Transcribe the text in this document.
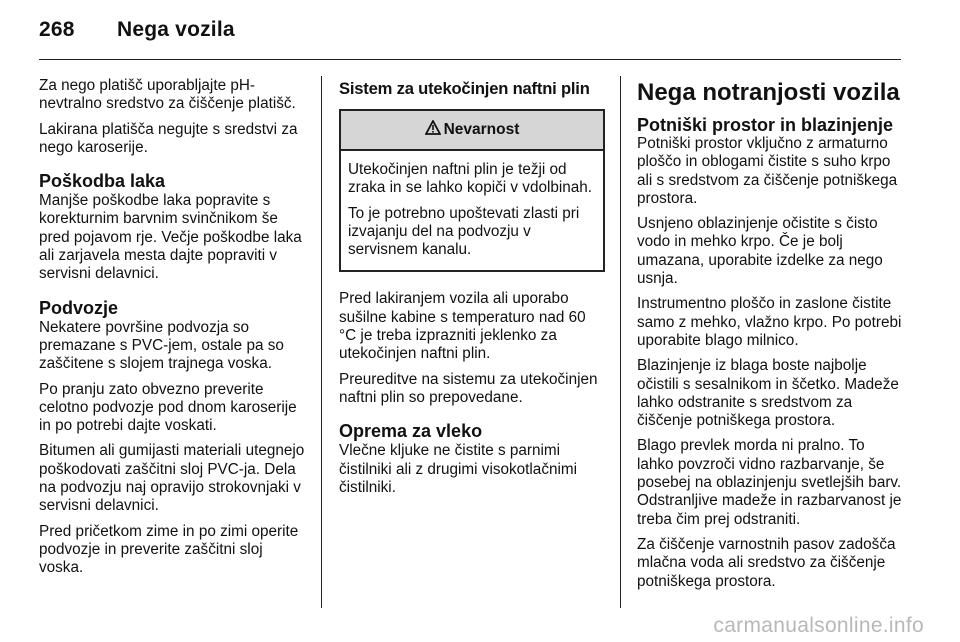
268 Nega vozila

Za nego platišč uporabljajte pH-nevtralno sredstvo za čiščenje platišč.

Lakirana platišča negujte s sredstvi za nego karoserije.

Poškodba laka

Manjše poškodbe laka popravite s korekturnim barvnim svinčnikom še pred pojavom rje. Večje poškodbe laka ali zarjavela mesta dajte popraviti v servisni delavnici.

Podvozje

Nekatere površine podvozja so premazane s PVC-jem, ostale pa so zaščitene s slojem trajnega voska.

Po pranju zato obvezno preverite celotno podvozje pod dnom karoserije in po potrebi dajte voskati.

Bitumen ali gumijasti materiali utegnejo poškodovati zaščitni sloj PVC-ja. Dela na podvozju naj opravijo strokovnjaki v servisni delavnici.

Pred pričetkom zime in po zimi operite podvozje in preverite zaščitni sloj voska.

Sistem za utekočinjen naftni plin
Nevarnost

Utekočinjen naftni plin je težji od zraka in se lahko kopiči v vdolbinah.

To je potrebno upoštevati zlasti pri izvajanju del na podvozju v servisnem kanalu.

Pred lakiranjem vozila ali uporabo sušilne kabine s temperaturo nad 60 °C je treba izprazniti jeklenko za utekočinjen naftni plin.

Preureditve na sistemu za utekočinjen naftni plin so prepovedane.

Oprema za vleko

Vlečne kljuke ne čistite s parnimi čistilniki ali z drugimi visokotlačnimi čistilniki.

Nega notranjosti vozila
Potniški prostor in blazinjenje

Potniški prostor vključno z armaturno ploščo in oblogami čistite s suho krpo ali s sredstvom za čiščenje potniškega prostora.

Usnjeno oblazinjenje očistite s čisto vodo in mehko krpo. Če je bolj umazana, uporabite izdelke za nego usnja.

Instrumentno ploščo in zaslone čistite samo z mehko, vlažno krpo. Po potrebi uporabite blago milnico.

Blazinjenje iz blaga boste najbolje očistili s sesalnikom in ščetko. Madeže lahko odstranite s sredstvom za čiščenje potniškega prostora.

Blago prevlek morda ni pralno. To lahko povzroči vidno razbarvanje, še posebej na oblazinjenju svetlejših barv. Odstranljive madeže in razbarvanost je treba čim prej odstraniti.

Za čiščenje varnostnih pasov zadošča mlačna voda ali sredstvo za čiščenje potniškega prostora.

carmanualsonline.info
